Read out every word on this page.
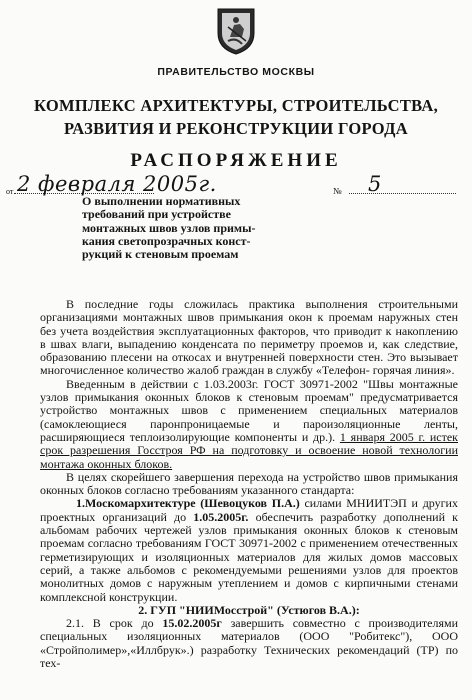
ПРАВИТЕЛЬСТВО МОСКВЫ
КОМПЛЕКС АРХИТЕКТУРЫ, СТРОИТЕЛЬСТВА,
РАЗВИТИЯ И РЕКОНСТРУКЦИИ ГОРОДА
РАСПОРЯЖЕНИЕ
от 2 февраля 2005г.	№ 5
О выполнении нормативных
требований при устройстве
монтажных швов узлов примы-
кания светопрозрачных конст-
рукций к стеновым проемам

В последние годы сложилась практика выполнения строительными организациями монтажных швов примыкания окон к проемам наружных стен без учета воздействия эксплуатационных факторов, что приводит к накоплению в швах влаги, выпадению конденсата по периметру проемов и, как следствие, образованию плесени на откосах и внутренней поверхности стен. Это вызывает многочисленное количество жалоб граждан в службу «Телефон- горячая линия».

Введенным в действии с 1.03.2003г. ГОСТ 30971-2002 "Швы монтажные узлов примыкания оконных блоков к стеновым проемам" предусматривается устройство монтажных швов с применением специальных материалов (самоклеющиеся паронпроницаемые и пароизоляционные ленты, расширяющиеся теплоизолирующие компоненты и др.). 1 января 2005 г. истек срок разрешения Госстроя РФ на подготовку и освоение новой технологии монтажа оконных блоков.

В целях скорейшего завершения перехода на устройство швов примыкания оконных блоков согласно требованиям указанного стандарта:

1.Москомархитектуре (Шевоцуков П.А.) силами МНИИТЭП и других проектных организаций до 1.05.2005г. обеспечить разработку дополнений к альбомам рабочих чертежей узлов примыкания оконных блоков к стеновым проемам согласно требованиям ГОСТ 30971-2002 с применением отечественных герметизирующих и изоляционных материалов для жилых домов массовых серий, а также альбомов с рекомендуемыми решениями узлов для проектов монолитных домов с наружным утеплением и домов с кирпичными стенами комплексной конструкции.

2. ГУП "НИИМосстрой" (Устюгов В.А.):

2.1. В срок до 15.02.2005г завершить совместно с производителями специальных изоляционных материалов (ООО "Робитекс"), ООО «Стройполимер»,«Иллбрук».) разработку Технических рекомендаций (ТР) по тех-
